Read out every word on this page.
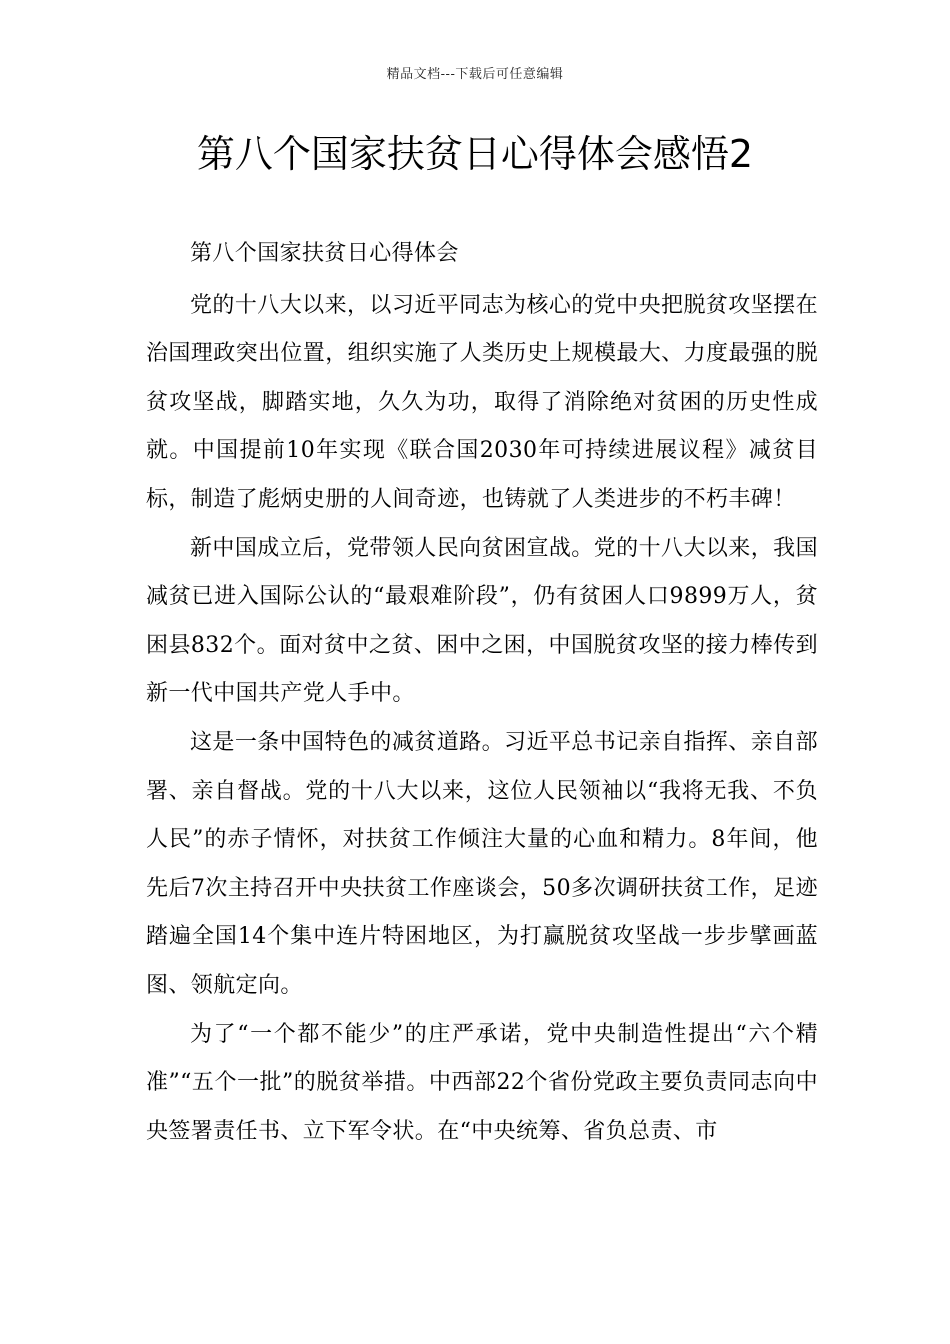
精品文档---下载后可任意编辑
第八个国家扶贫日心得体会感悟2

第八个国家扶贫日心得体会

党的十八大以来，以习近平同志为核心的党中央把脱贫攻坚摆在治国理政突出位置，组织实施了人类历史上规模最大、力度最强的脱贫攻坚战，脚踏实地，久久为功，取得了消除绝对贫困的历史性成就。中国提前10年实现《联合国2030年可持续进展议程》减贫目标，制造了彪炳史册的人间奇迹，也铸就了人类进步的不朽丰碑！

新中国成立后，党带领人民向贫困宣战。党的十八大以来，我国减贫已进入国际公认的“最艰难阶段”，仍有贫困人口9899万人，贫困县832个。面对贫中之贫、困中之困，中国脱贫攻坚的接力棒传到新一代中国共产党人手中。

这是一条中国特色的减贫道路。习近平总书记亲自指挥、亲自部署、亲自督战。党的十八大以来，这位人民领袖以“我将无我、不负人民”的赤子情怀，对扶贫工作倾注大量的心血和精力。8年间，他先后7次主持召开中央扶贫工作座谈会，50多次调研扶贫工作，足迹踏遍全国14个集中连片特困地区，为打赢脱贫攻坚战一步步擘画蓝图、领航定向。

为了“一个都不能少”的庄严承诺，党中央制造性提出“六个精准”“五个一批”的脱贫举措。中西部22个省份党政主要负责同志向中央签署责任书、立下军令状。在“中央统筹、省负总责、市
